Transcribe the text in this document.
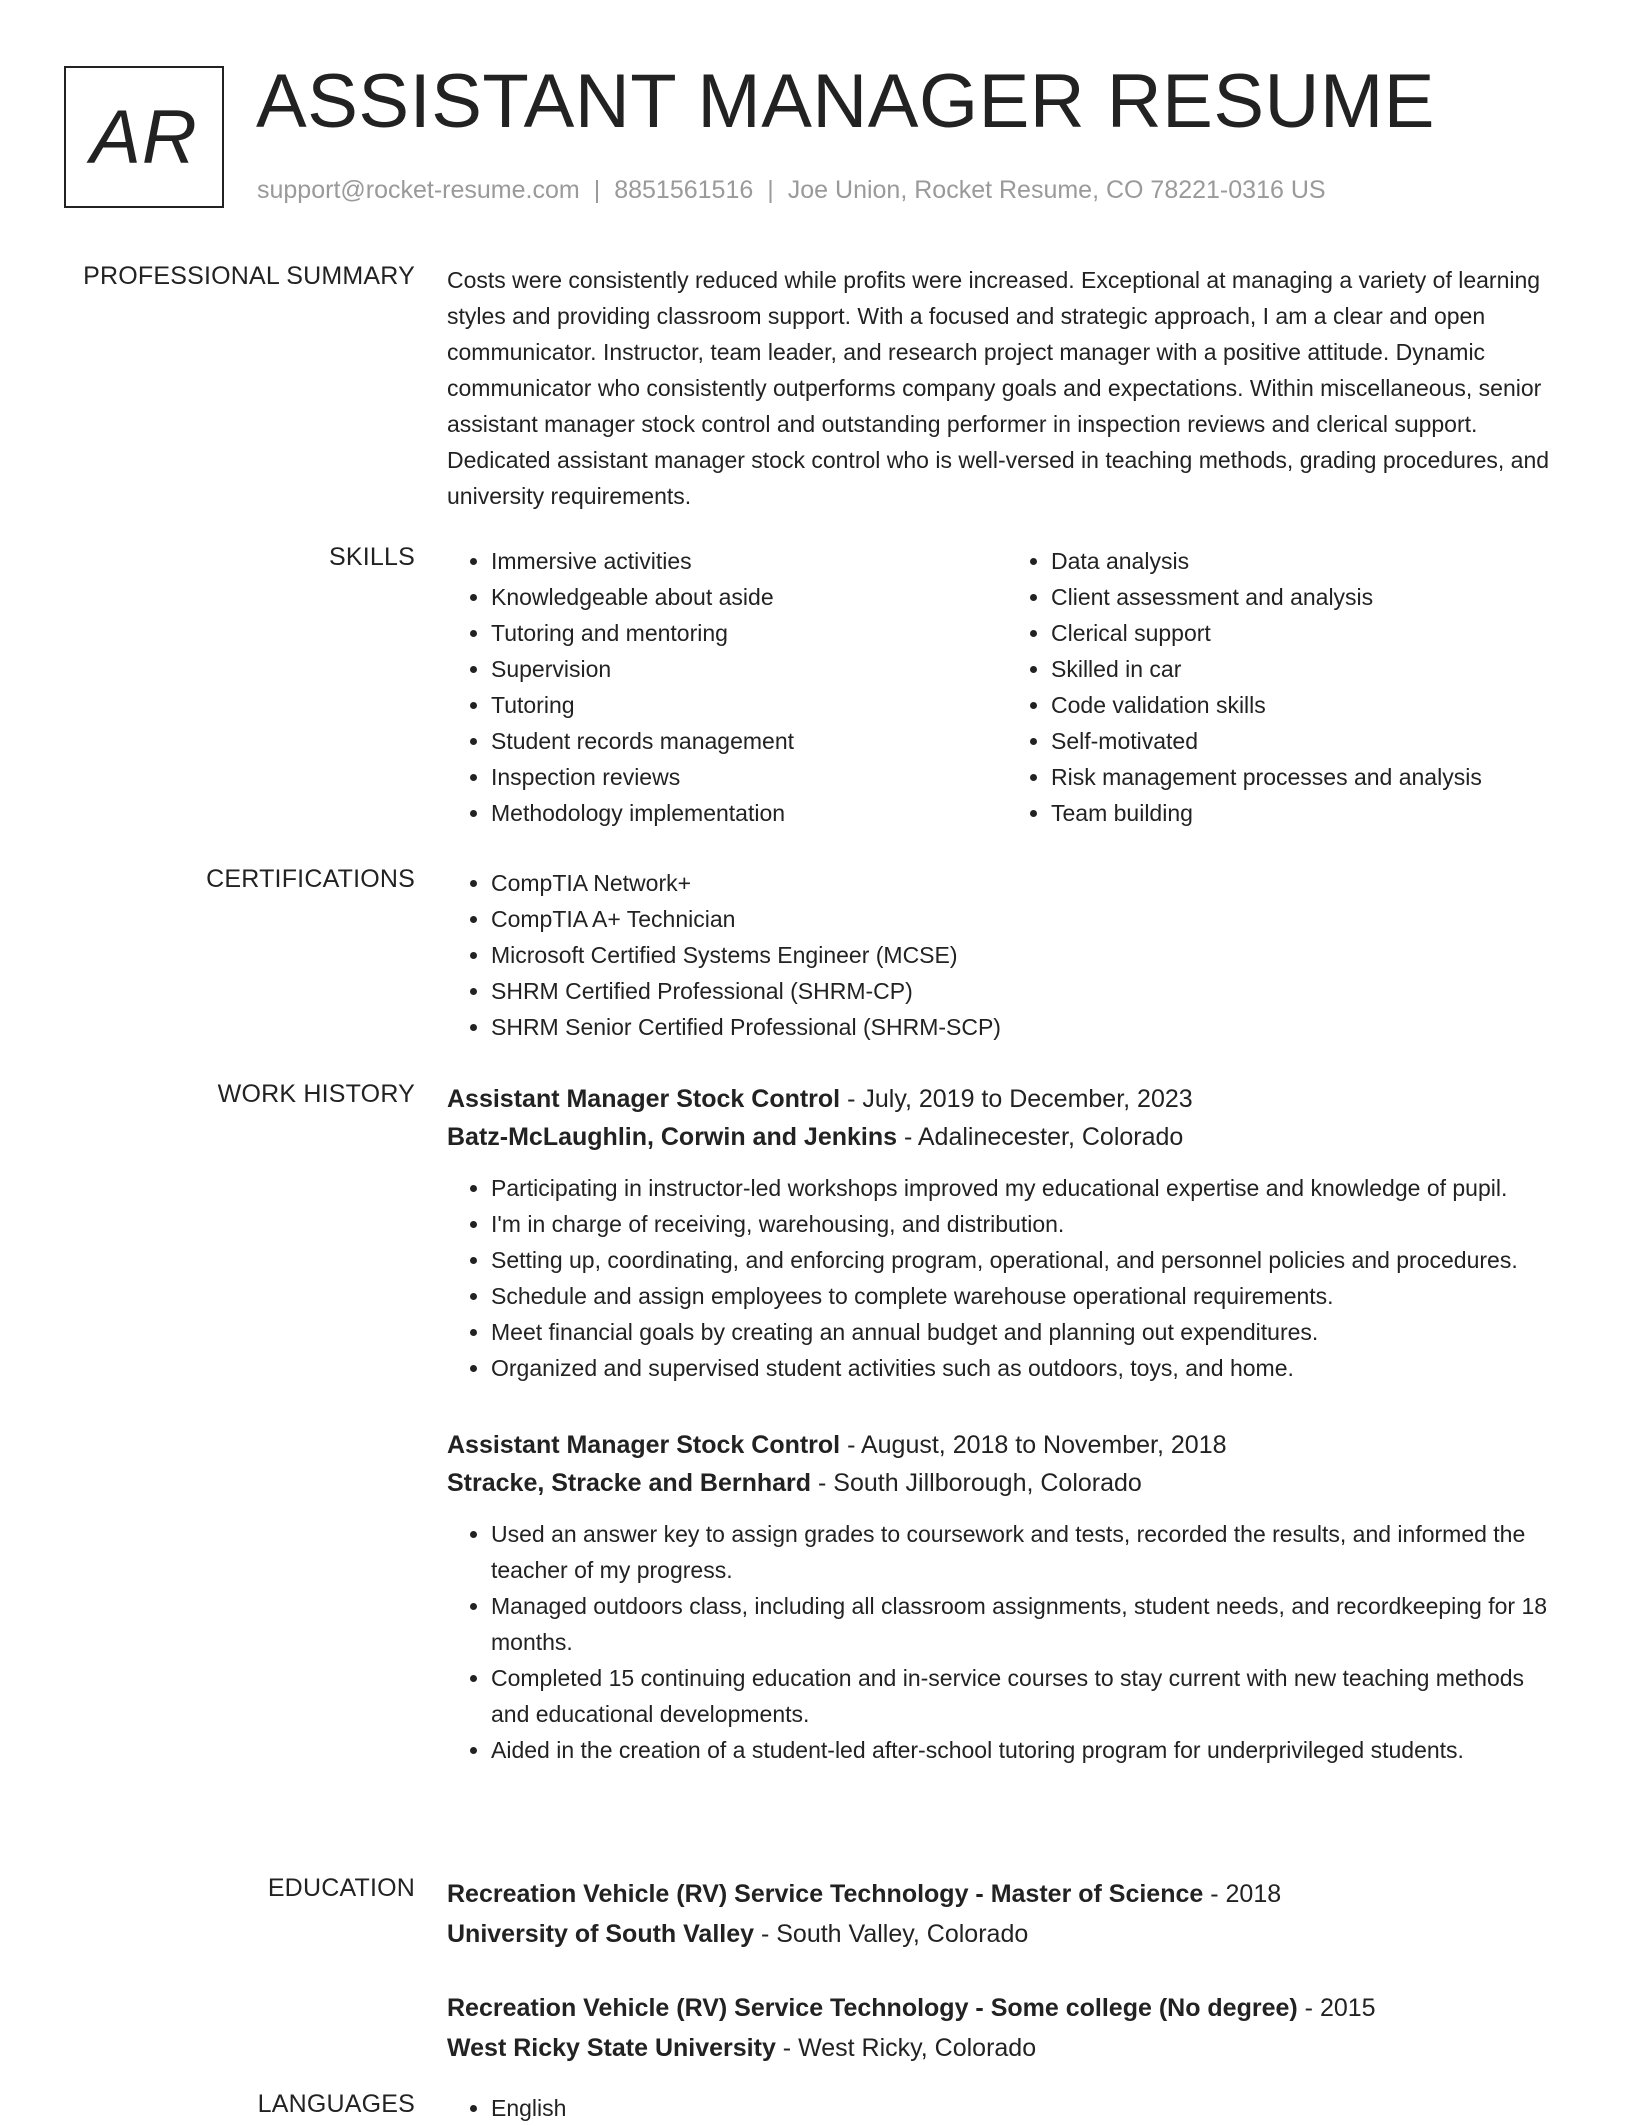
AR ASSISTANT MANAGER RESUME
support@rocket-resume.com | 8851561516 | Joe Union, Rocket Resume, CO 78221-0316 US
PROFESSIONAL SUMMARY Costs were consistently reduced while profits were increased. Exceptional at managing a variety of learning styles and providing classroom support. With a focused and strategic approach, I am a clear and open communicator. Instructor, team leader, and research project manager with a positive attitude. Dynamic communicator who consistently outperforms company goals and expectations. Within miscellaneous, senior assistant manager stock control and outstanding performer in inspection reviews and clerical support. Dedicated assistant manager stock control who is well-versed in teaching methods, grading procedures, and university requirements.

SKILLS	• Immersive activities
• Knowledgeable about aside
• Tutoring and mentoring
• Supervision
• Tutoring
• Student records management
• Inspection reviews
• Methodology implementation
• Data analysis
• Client assessment and analysis
• Clerical support
• Skilled in car
• Code validation skills
• Self-motivated
• Risk management processes and analysis
• Team building
CERTIFICATIONS	• CompTIA Network+
• CompTIA A+ Technician
• Microsoft Certified Systems Engineer (MCSE)
• SHRM Certified Professional (SHRM-CP)
• SHRM Senior Certified Professional (SHRM-SCP)
WORK HISTORY Assistant Manager Stock Control - July, 2019 to December, 2023
Batz-McLaughlin, Corwin and Jenkins - Adalinecester, Colorado
• Participating in instructor-led workshops improved my educational expertise and knowledge of pupil.
• I'm in charge of receiving, warehousing, and distribution.
• Setting up, coordinating, and enforcing program, operational, and personnel policies and procedures.
• Schedule and assign employees to complete warehouse operational requirements.
• Meet financial goals by creating an annual budget and planning out expenditures.
• Organized and supervised student activities such as outdoors, toys, and home.
Assistant Manager Stock Control - August, 2018 to November, 2018
Stracke, Stracke and Bernhard - South Jillborough, Colorado
• Used an answer key to assign grades to coursework and tests, recorded the results, and informed the teacher of my progress.
• Managed outdoors class, including all classroom assignments, student needs, and recordkeeping for 18 months.
• Completed 15 continuing education and in-service courses to stay current with new teaching methods and educational developments.
• Aided in the creation of a student-led after-school tutoring program for underprivileged students.
EDUCATION Recreation Vehicle (RV) Service Technology - Master of Science - 2018
University of South Valley - South Valley, Colorado
Recreation Vehicle (RV) Service Technology - Some college (No degree) - 2015
West Ricky State University - West Ricky, Colorado
LANGUAGES	• English
